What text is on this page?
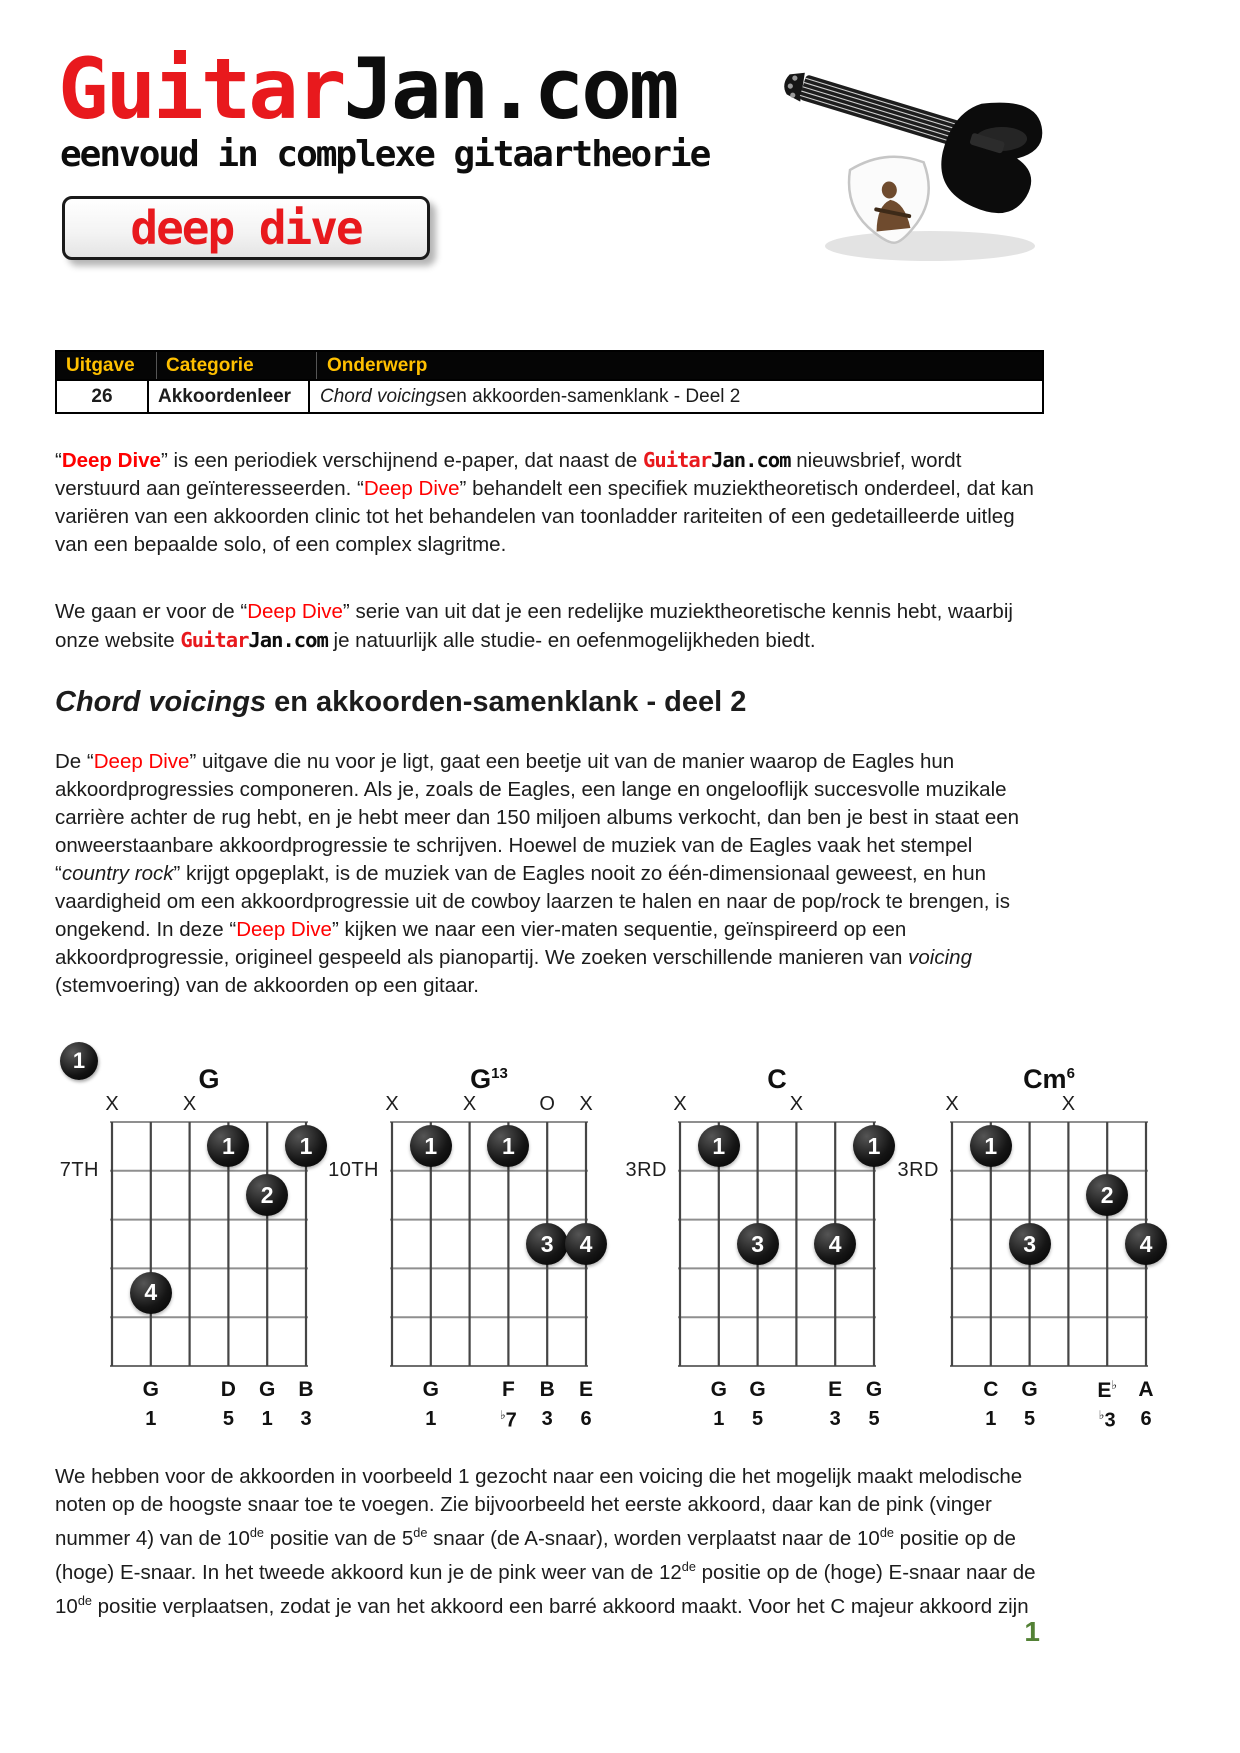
GuitarJan.com
eenvoud in complexe gitaartheorie
deep dive
Uitgave	Categorie	Onderwerp
26	Akkoordenleer	Chord voicings en akkoorden-samenklank - Deel 2
“Deep Dive” is een periodiek verschijnend e-paper, dat naast de GuitarJan.com nieuwsbrief, wordt verstuurd aan geïnteresseerden. “Deep Dive” behandelt een specifiek muziektheoretisch onderdeel, dat kan variëren van een akkoorden clinic tot het behandelen van toonladder rariteiten of een gedetailleerde uitleg van een bepaalde solo, of een complex slagritme.
We gaan er voor de “Deep Dive” serie van uit dat je een redelijke muziektheoretische kennis hebt, waarbij onze website GuitarJan.com je natuurlijk alle studie- en oefenmogelijkheden biedt.
Chord voicings en akkoorden-samenklank - deel 2
De “Deep Dive” uitgave die nu voor je ligt, gaat een beetje uit van de manier waarop de Eagles hun akkoordprogressies componeren. Als je, zoals de Eagles, een lange en ongelooflijk succesvolle muzikale carrière achter de rug hebt, en je hebt meer dan 150 miljoen albums verkocht, dan ben je best in staat een onweerstaanbare akkoordprogressie te schrijven. Hoewel de muziek van de Eagles vaak het stempel “country rock” krijgt opgeplakt, is de muziek van de Eagles nooit zo één-dimensionaal geweest, en hun vaardigheid om een akkoordprogressie uit de cowboy laarzen te halen en naar de pop/rock te brengen, is ongekend. In deze “Deep Dive” kijken we naar een vier-maten sequentie, geïnspireerd op een akkoordprogressie, origineel gespeeld als pianopartij. We zoeken verschillende manieren van voicing (stemvoering) van de akkoorden op een gitaar.
1
G
7TH
X	X
1	1
2
4
G
1
D
5
G
1
B
3
$G^{13}$
10TH
X	X	O	X
1	1
3	4
G
1
F
♭7
B
3
E
6
C
3RD
X	X
1	1
3	4
G
1
G
5
E
3
G
5
Cm$^6$
3RD
X	X
1
2
3	4
C
1
G
5
E♭
♭3
A
6
We hebben voor de akkoorden in voorbeeld 1 gezocht naar een voicing die het mogelijk maakt melodische noten op de hoogste snaar toe te voegen. Zie bijvoorbeeld het eerste akkoord, daar kan de pink (vinger nummer 4) van de 10de positie van de 5de snaar (de A-snaar), worden verplaatst naar de 10de positie op de (hoge) E-snaar. In het tweede akkoord kun je de pink weer van de 12de positie op de (hoge) E-snaar naar de 10de positie verplaatsen, zodat je van het akkoord een barré akkoord maakt. Voor het C majeur akkoord zijn
1
